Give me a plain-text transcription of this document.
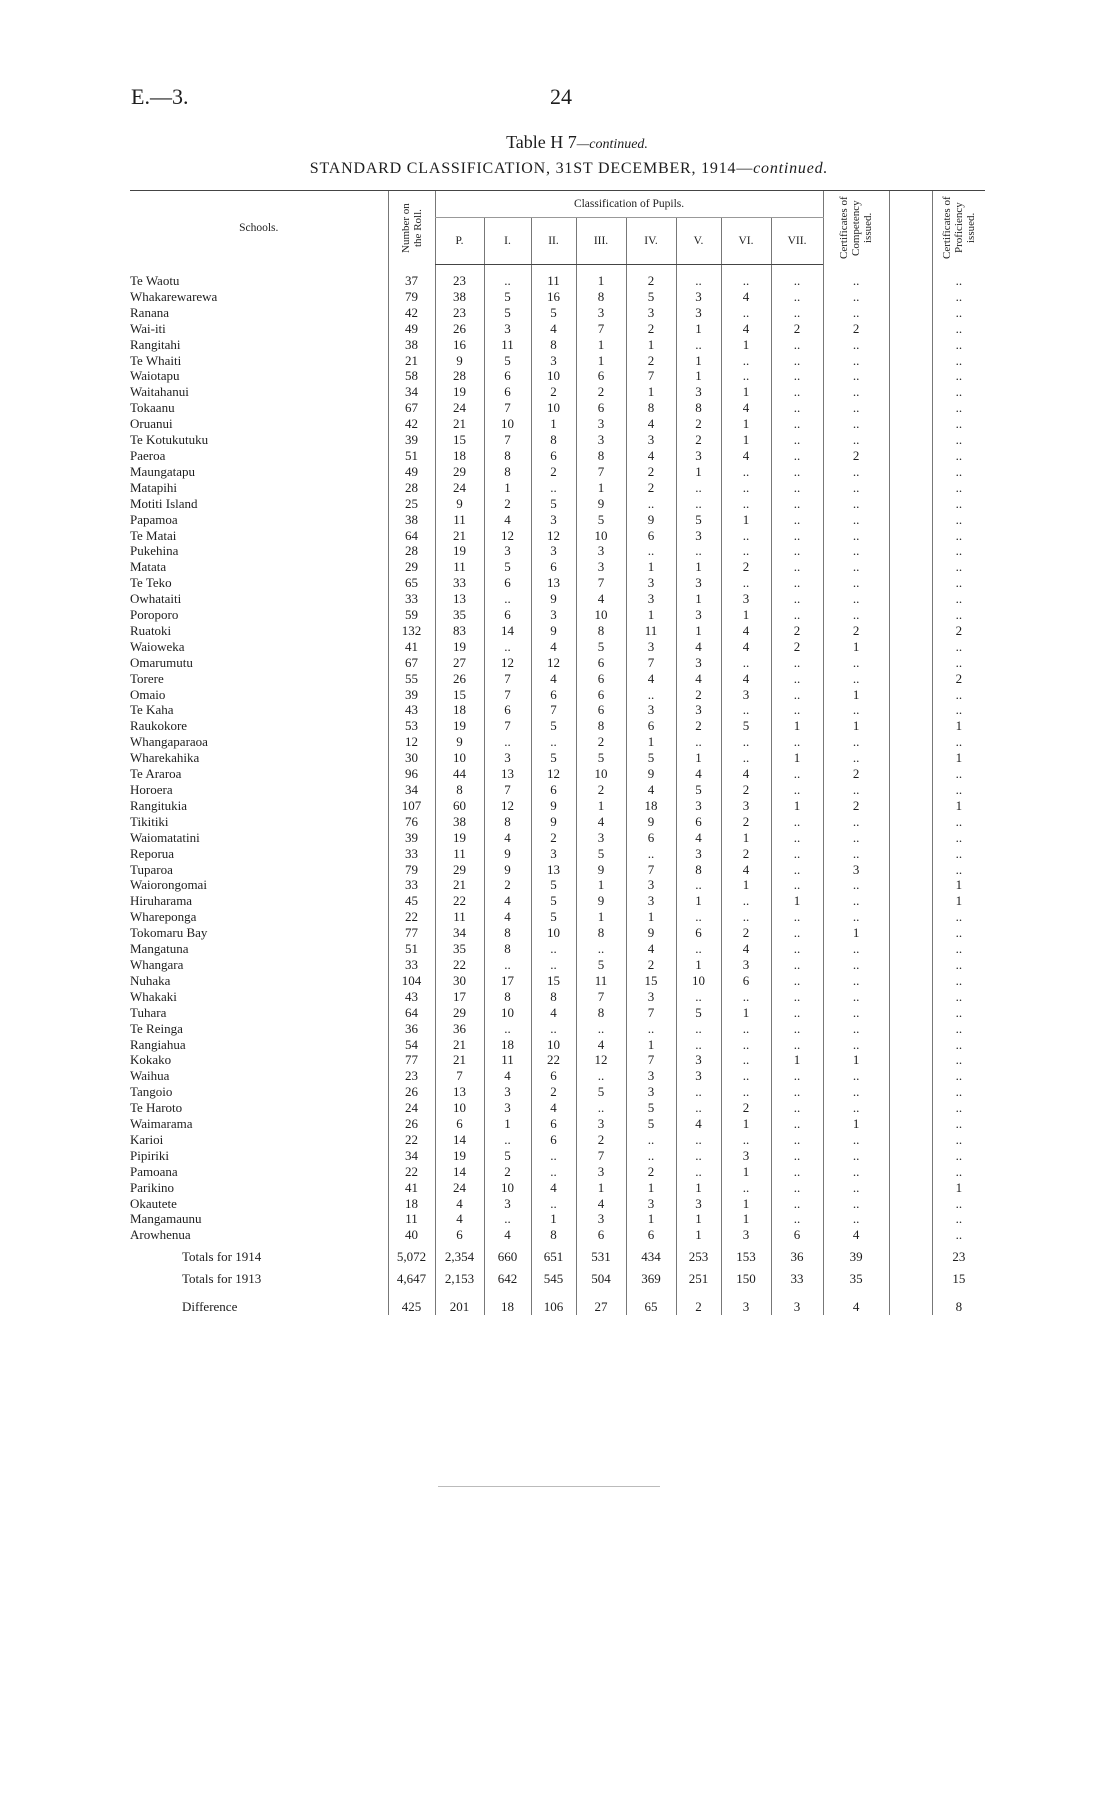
E.—3.	24
Table H 7—continued.
STANDARD CLASSIFICATION, 31ST DECEMBER, 1914—continued.
Schools.	Number on the Roll.	Classification of Pupils.								Certificates of Competency issued.		Certificates of Proficiency issued.

		P.	I.	II.	III.	IV.	V.	VI.	VII.			
Te Waotu	37	23	..	11	1	2	..	..	..	..		..
Whakarewarewa	79	38	5	16	8	5	3	4	..	..		..
Ranana	42	23	5	5	3	3	3	..	..	..		..
Wai-iti	49	26	3	4	7	2	1	4	2	2		..
Rangitahi	38	16	11	8	1	1	..	1	..	..		..
Te Whaiti	21	9	5	3	1	2	1	..	..	..		..
Waiotapu	58	28	6	10	6	7	1	..	..	..		..
Waitahanui	34	19	6	2	2	1	3	1	..	..		..
Tokaanu	67	24	7	10	6	8	8	4	..	..		..
Oruanui	42	21	10	1	3	4	2	1	..	..		..
Te Kotukutuku	39	15	7	8	3	3	2	1	..	..		..
Paeroa	51	18	8	6	8	4	3	4	..	2		..
Maungatapu	49	29	8	2	7	2	1	..	..	..		..
Matapihi	28	24	1	..	1	2	..	..	..	..		..
Motiti Island	25	9	2	5	9	..	..	..	..	..		..
Papamoa	38	11	4	3	5	9	5	1	..	..		..
Te Matai	64	21	12	12	10	6	3	..	..	..		..
Pukehina	28	19	3	3	3	..	..	..	..	..		..
Matata	29	11	5	6	3	1	1	2	..	..		..
Te Teko	65	33	6	13	7	3	3	..	..	..		..
Owhataiti	33	13	..	9	4	3	1	3	..	..		..
Poroporo	59	35	6	3	10	1	3	1	..	..		..
Ruatoki	132	83	14	9	8	11	1	4	2	2		2
Waioweka	41	19	..	4	5	3	4	4	2	1		..
Omarumutu	67	27	12	12	6	7	3	..	..	..		..
Torere	55	26	7	4	6	4	4	4	..	..		2
Omaio	39	15	7	6	6	..	2	3	..	1		..
Te Kaha	43	18	6	7	6	3	3	..	..	..		..
Raukokore	53	19	7	5	8	6	2	5	1	1		1
Whangaparaoa	12	9	..	..	2	1	..	..	..	..		..
Wharekahika	30	10	3	5	5	5	1	..	1	..		1
Te Araroa	96	44	13	12	10	9	4	4	..	2		..
Horoera	34	8	7	6	2	4	5	2	..	..		..
Rangitukia	107	60	12	9	1	18	3	3	1	2		1
Tikitiki	76	38	8	9	4	9	6	2	..	..		..
Waiomatatini	39	19	4	2	3	6	4	1	..	..		..
Reporua	33	11	9	3	5	..	3	2	..	..		..
Tuparoa	79	29	9	13	9	7	8	4	..	3		..
Waiorongomai	33	21	2	5	1	3	..	1	..	..		1
Hiruharama	45	22	4	5	9	3	1	..	1	..		1
Whareponga	22	11	4	5	1	1	..	..	..	..		..
Tokomaru Bay	77	34	8	10	8	9	6	2	..	1		..
Mangatuna	51	35	8	..	..	4	..	4	..	..		..
Whangara	33	22	..	..	5	2	1	3	..	..		..
Nuhaka	104	30	17	15	11	15	10	6	..	..		..
Whakaki	43	17	8	8	7	3	..	..	..	..		..
Tuhara	64	29	10	4	8	7	5	1	..	..		..
Te Reinga	36	36	..	..	..	..	..	..	..	..		..
Rangiahua	54	21	18	10	4	1	..	..	..	..		..
Kokako	77	21	11	22	12	7	3	..	1	1		..
Waihua	23	7	4	6	..	3	3	..	..	..		..
Tangoio	26	13	3	2	5	3	..	..	..	..		..
Te Haroto	24	10	3	4	..	5	..	2	..	..		..
Waimarama	26	6	1	6	3	5	4	1	..	1		..
Karioi	22	14	..	6	2	..	..	..	..	..		..
Pipiriki	34	19	5	..	7	..	..	3	..	..		..
Pamoana	22	14	2	..	3	2	..	1	..	..		..
Parikino	41	24	10	4	1	1	1	..	..	..		1
Okautete	18	4	3	..	4	3	3	1	..	..		..
Mangamaunu	11	4	..	1	3	1	1	1	..	..		..
Arowhenua	40	6	4	8	6	6	1	3	6	4		..
Totals for 1914	5,072	2,354	660	651	531	434	253	153	36	39		23
Totals for 1913	4,647	2,153	642	545	504	369	251	150	33	35		15
Difference	425	201	18	106	27	65	2	3	3	4		8
